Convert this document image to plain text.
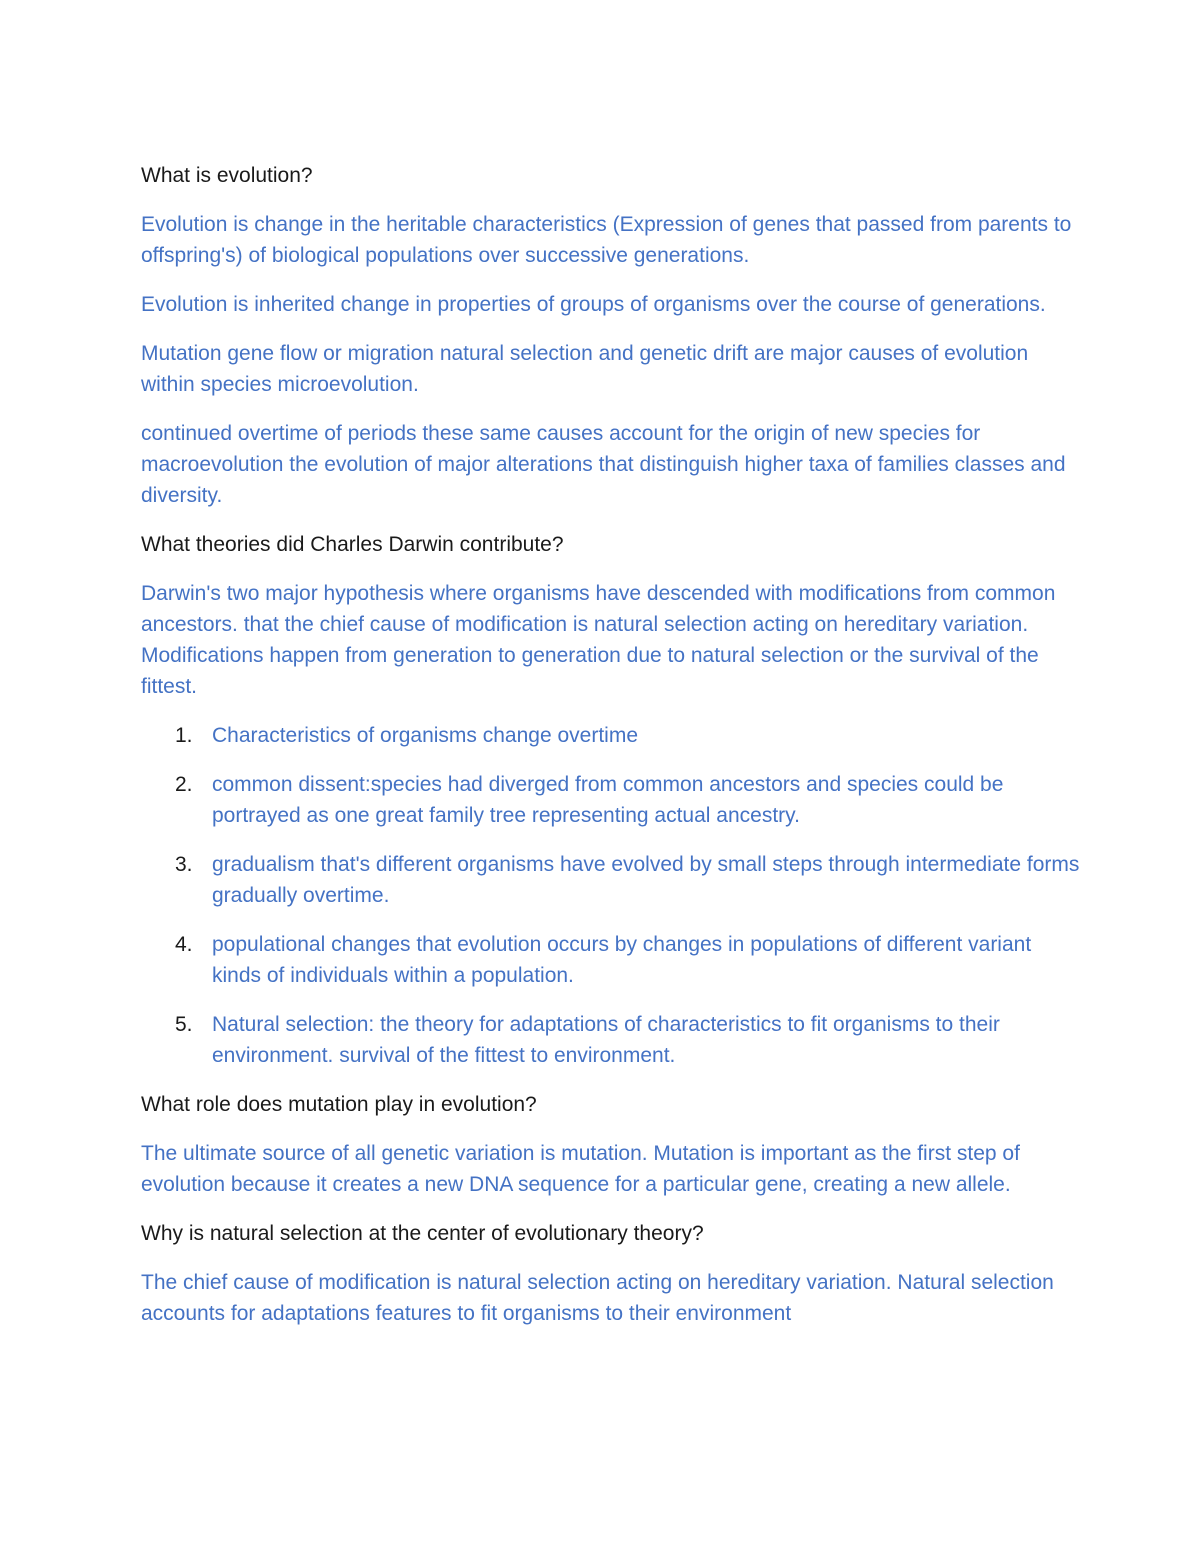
What is evolution?

Evolution is change in the heritable characteristics (Expression of genes that passed from parents to offspring's) of biological populations over successive generations.

Evolution is inherited change in properties of groups of organisms over the course of generations.

Mutation gene flow or migration natural selection and genetic drift are major causes of evolution within species microevolution.

continued overtime of periods these same causes account for the origin of new species for macroevolution the evolution of major alterations that distinguish higher taxa of families classes and diversity.

What theories did Charles Darwin contribute?

Darwin's two major hypothesis where organisms have descended with modifications from common ancestors. that the chief cause of modification is natural selection acting on hereditary variation. Modifications happen from generation to generation due to natural selection or the survival of the fittest.

1. Characteristics of organisms change overtime
2. common dissent:species had diverged from common ancestors and species could be portrayed as one great family tree representing actual ancestry.
3. gradualism that's different organisms have evolved by small steps through intermediate forms gradually overtime.
4. populational changes that evolution occurs by changes in populations of different variant kinds of individuals within a population.
5. Natural selection: the theory for adaptations of characteristics to fit organisms to their environment. survival of the fittest to environment.

What role does mutation play in evolution?

The ultimate source of all genetic variation is mutation. Mutation is important as the first step of evolution because it creates a new DNA sequence for a particular gene, creating a new allele.

Why is natural selection at the center of evolutionary theory?

The chief cause of modification is natural selection acting on hereditary variation. Natural selection accounts for adaptations features to fit organisms to their environment
